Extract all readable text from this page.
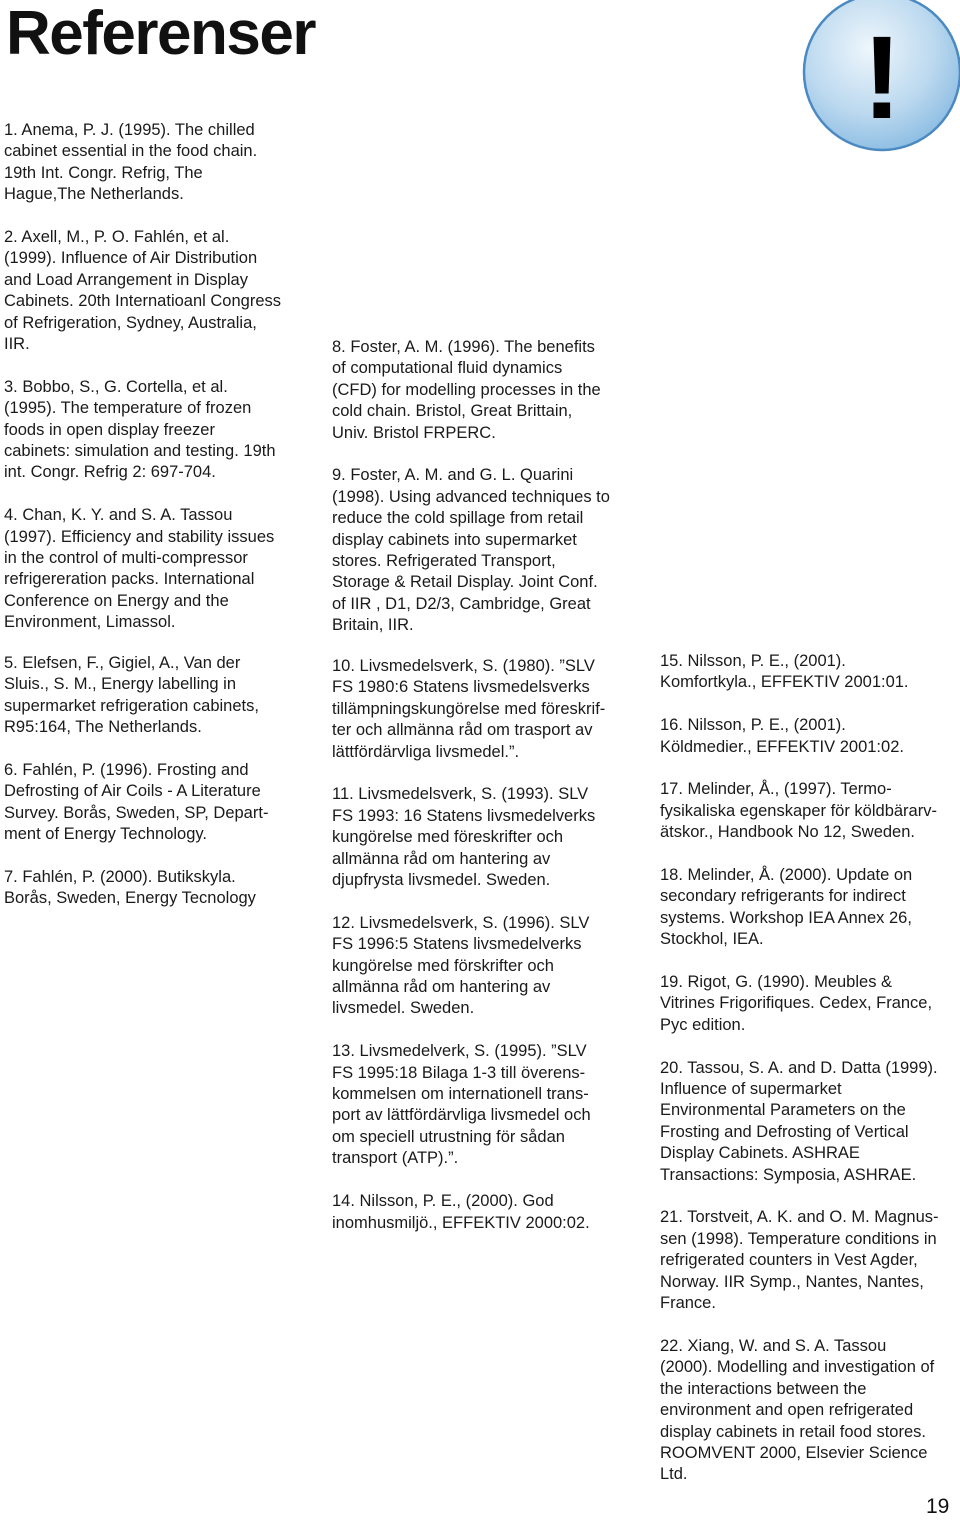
Referenser	!

1. Anema, P. J. (1995). The chilled
cabinet essential in the food chain.
19th Int. Congr. Refrig, The
Hague,The Netherlands.

2. Axell, M., P. O. Fahlén, et al.
(1999). Influence of Air Distribution
and Load Arrangement in Display
Cabinets. 20th Internatioanl Congress
of Refrigeration, Sydney, Australia,
IIR.

3. Bobbo, S., G. Cortella, et al.
(1995). The temperature of frozen
foods in open display freezer
cabinets: simulation and testing. 19th
int. Congr. Refrig 2: 697-704.

4. Chan, K. Y. and S. A. Tassou
(1997). Efficiency and stability issues
in the control of multi-compressor
refrigereration packs. International
Conference on Energy and the
Environment, Limassol.

5. Elefsen, F., Gigiel, A., Van der
Sluis., S. M., Energy labelling in
supermarket refrigeration cabinets,
R95:164, The Netherlands.

6. Fahlén, P. (1996). Frosting and
Defrosting of Air Coils - A Literature
Survey. Borås, Sweden, SP, Depart-
ment of Energy Technology.

7. Fahlén, P. (2000). Butikskyla.
Borås, Sweden, Energy Tecnology

8. Foster, A. M. (1996). The benefits
of computational fluid dynamics
(CFD) for modelling processes in the
cold chain. Bristol, Great Brittain,
Univ. Bristol FRPERC.

9. Foster, A. M. and G. L. Quarini
(1998). Using advanced techniques to
reduce the cold spillage from retail
display cabinets into supermarket
stores. Refrigerated Transport,
Storage & Retail Display. Joint Conf.
of IIR , D1, D2/3, Cambridge, Great
Britain, IIR.

10. Livsmedelsverk, S. (1980). ”SLV
FS 1980:6 Statens livsmedelsverks
tillämpningskungörelse med föreskrif-
ter och allmänna råd om trasport av
lättfördärvliga livsmedel.”.

11. Livsmedelsverk, S. (1993). SLV
FS 1993: 16 Statens livsmedelverks
kungörelse med föreskrifter och
allmänna råd om hantering av
djupfrysta livsmedel. Sweden.

12. Livsmedelsverk, S. (1996). SLV
FS 1996:5 Statens livsmedelverks
kungörelse med förskrifter och
allmänna råd om hantering av
livsmedel. Sweden.

13. Livsmedelverk, S. (1995). ”SLV
FS 1995:18 Bilaga 1-3 till överens-
kommelsen om internationell trans-
port av lättfördärvliga livsmedel och
om speciell utrustning för sådan
transport (ATP).”.

14. Nilsson, P. E., (2000). God
inomhusmiljö., EFFEKTIV 2000:02.

15. Nilsson, P. E., (2001).
Komfortkyla., EFFEKTIV 2001:01.

16. Nilsson, P. E., (2001).
Köldmedier., EFFEKTIV 2001:02.

17. Melinder, Å., (1997). Termo-
fysikaliska egenskaper för köldbärarv-
ätskor., Handbook No 12, Sweden.

18. Melinder, Å. (2000). Update on
secondary refrigerants for indirect
systems. Workshop IEA Annex 26,
Stockhol, IEA.

19. Rigot, G. (1990). Meubles &
Vitrines Frigorifiques. Cedex, France,
Pyc edition.

20. Tassou, S. A. and D. Datta (1999).
Influence of supermarket
Environmental Parameters on the
Frosting and Defrosting of Vertical
Display Cabinets. ASHRAE
Transactions: Symposia, ASHRAE.

21. Torstveit, A. K. and O. M. Magnus-
sen (1998). Temperature conditions in
refrigerated counters in Vest Agder,
Norway. IIR Symp., Nantes, Nantes,
France.

22. Xiang, W. and S. A. Tassou
(2000). Modelling and investigation of
the interactions between the
environment and open refrigerated
display cabinets in retail food stores.
ROOMVENT 2000, Elsevier Science
Ltd.

19
